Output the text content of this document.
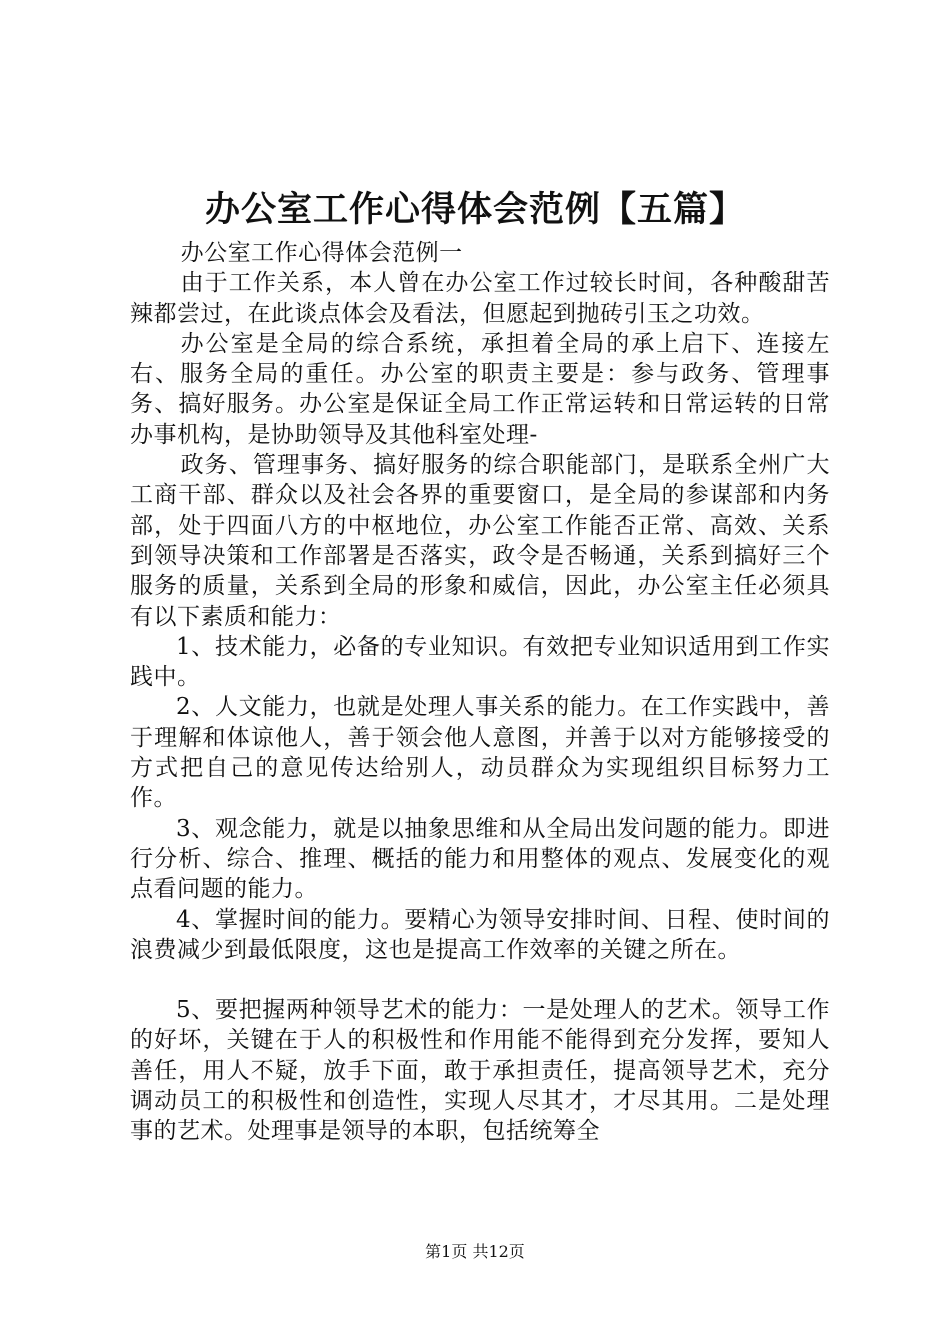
办公室工作心得体会范例【五篇】

办公室工作心得体会范例一

由于工作关系，本人曾在办公室工作过较长时间，各种酸甜苦辣都尝过，在此谈点体会及看法，但愿起到抛砖引玉之功效。

办公室是全局的综合系统，承担着全局的承上启下、连接左右、服务全局的重任。办公室的职责主要是：参与政务、管理事务、搞好服务。办公室是保证全局工作正常运转和日常运转的日常办事机构，是协助领导及其他科室处理-

政务、管理事务、搞好服务的综合职能部门，是联系全州广大工商干部、群众以及社会各界的重要窗口，是全局的参谋部和内务部，处于四面八方的中枢地位，办公室工作能否正常、高效、关系到领导决策和工作部署是否落实，政令是否畅通，关系到搞好三个服务的质量，关系到全局的形象和威信，因此，办公室主任必须具有以下素质和能力：

1、技术能力，必备的专业知识。有效把专业知识适用到工作实践中。

2、人文能力，也就是处理人事关系的能力。在工作实践中，善于理解和体谅他人，善于领会他人意图，并善于以对方能够接受的方式把自己的意见传达给别人，动员群众为实现组织目标努力工作。

3、观念能力，就是以抽象思维和从全局出发问题的能力。即进行分析、综合、推理、概括的能力和用整体的观点、发展变化的观点看问题的能力。

4、掌握时间的能力。要精心为领导安排时间、日程、使时间的浪费减少到最低限度，这也是提高工作效率的关键之所在。

5、要把握两种领导艺术的能力：一是处理人的艺术。领导工作的好坏，关键在于人的积极性和作用能不能得到充分发挥，要知人善任，用人不疑，放手下面，敢于承担责任，提高领导艺术，充分调动员工的积极性和创造性，实现人尽其才，才尽其用。二是处理事的艺术。处理事是领导的本职，包括统筹全

第1页 共12页
